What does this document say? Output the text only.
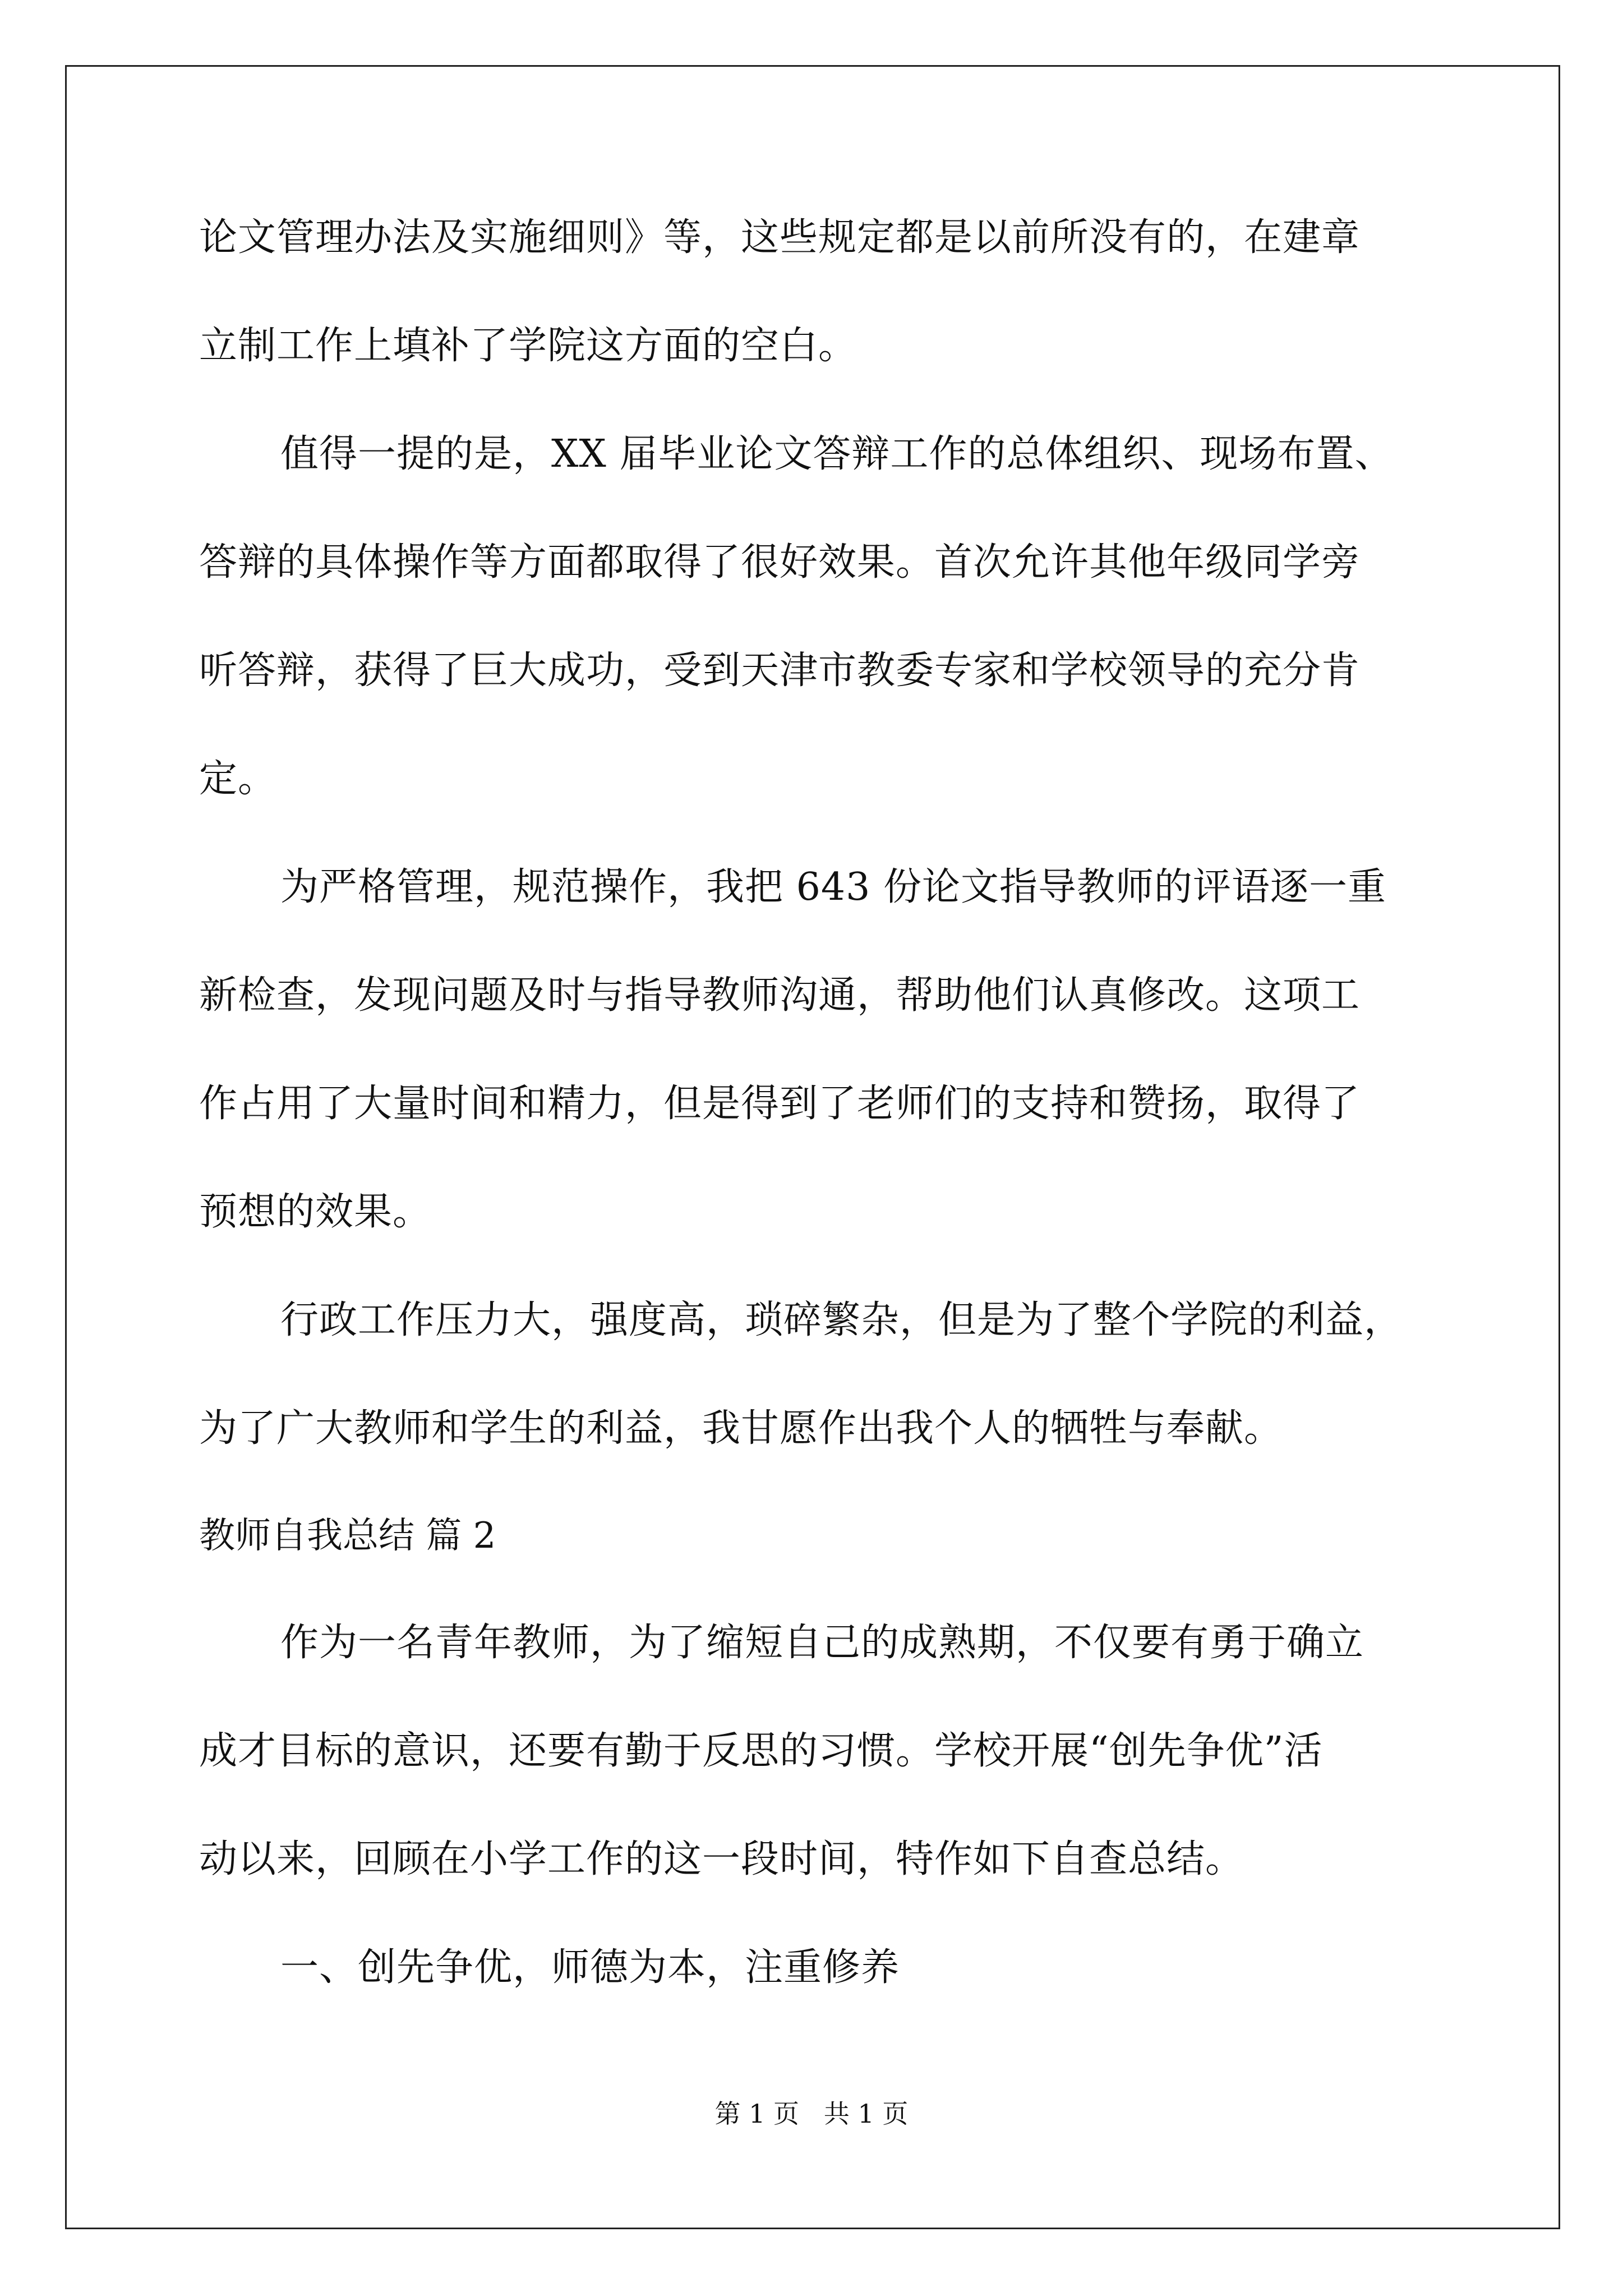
论文管理办法及实施细则》等，这些规定都是以前所没有的，在建章
立制工作上填补了学院这方面的空白。
值得一提的是，XX 届毕业论文答辩工作的总体组织、现场布置、
答辩的具体操作等方面都取得了很好效果。首次允许其他年级同学旁
听答辩，获得了巨大成功，受到天津市教委专家和学校领导的充分肯
定。
为严格管理，规范操作，我把 643 份论文指导教师的评语逐一重
新检查，发现问题及时与指导教师沟通，帮助他们认真修改。这项工
作占用了大量时间和精力，但是得到了老师们的支持和赞扬，取得了
预想的效果。
行政工作压力大，强度高，琐碎繁杂，但是为了整个学院的利益，
为了广大教师和学生的利益，我甘愿作出我个人的牺牲与奉献。
教师自我总结 篇 2
作为一名青年教师，为了缩短自己的成熟期，不仅要有勇于确立
成才目标的意识，还要有勤于反思的习惯。学校开展“创先争优”活
动以来，回顾在小学工作的这一段时间，特作如下自查总结。
一、创先争优，师德为本，注重修养
第 1 页   共 1 页
